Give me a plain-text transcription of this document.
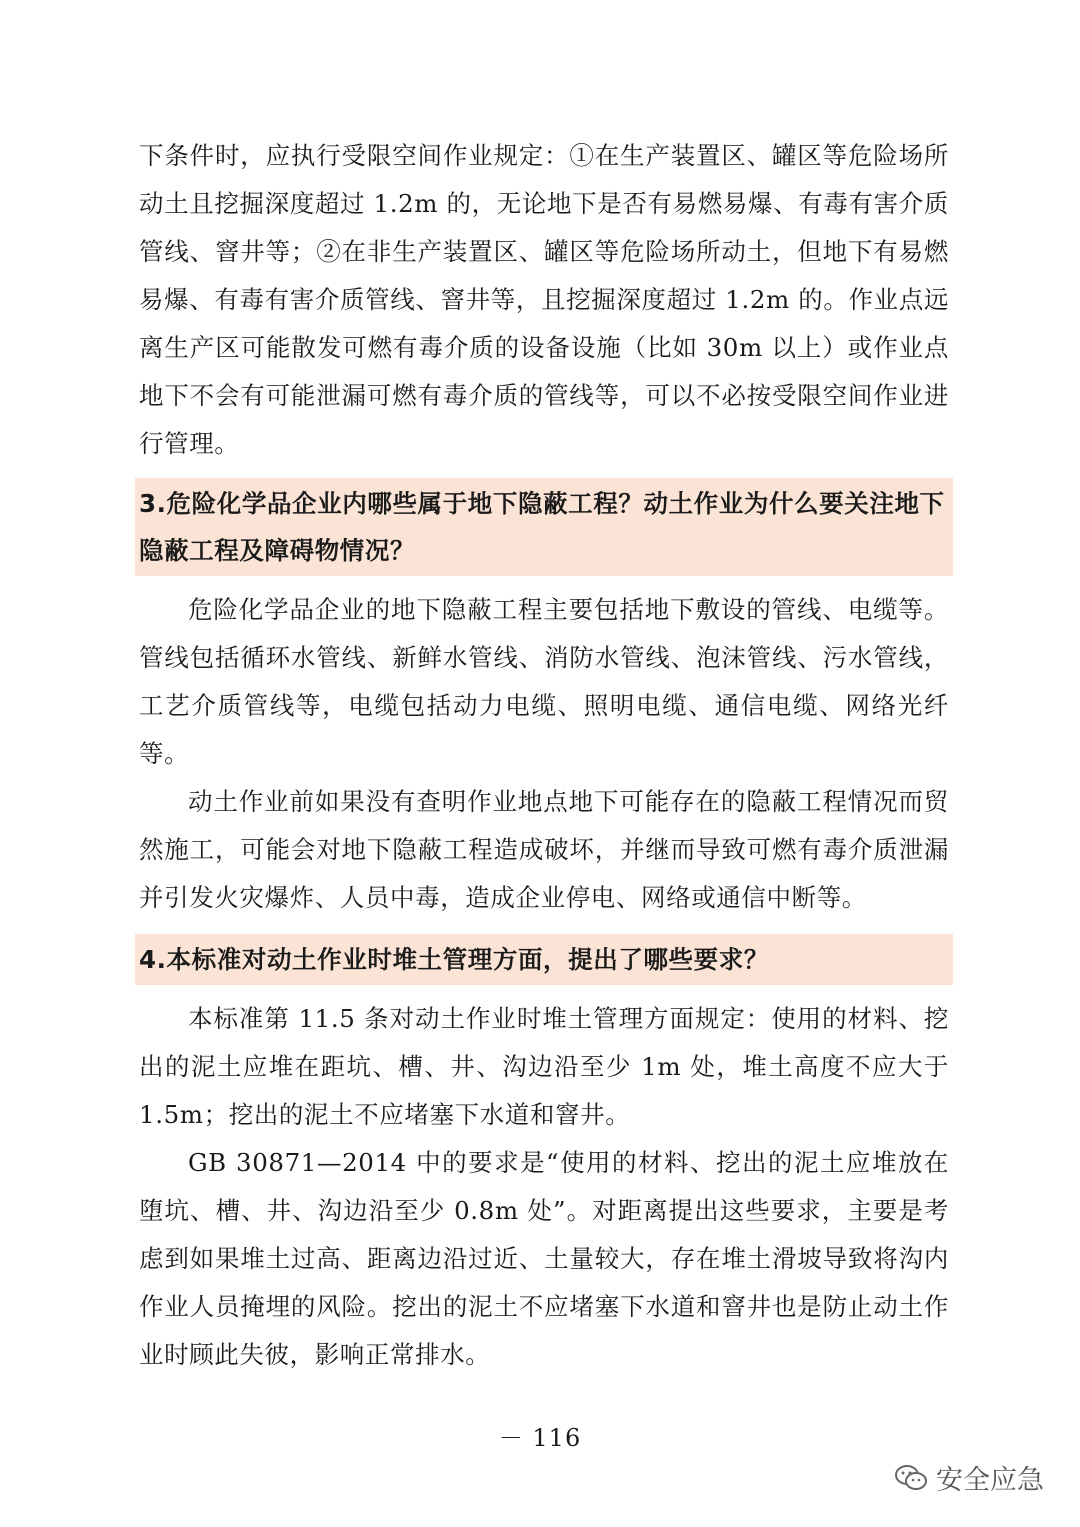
下条件时，应执行受限空间作业规定：①在生产装置区、罐区等危险场所动土且挖掘深度超过 1.2m 的，无论地下是否有易燃易爆、有毒有害介质管线、窨井等；②在非生产装置区、罐区等危险场所动土，但地下有易燃易爆、有毒有害介质管线、窨井等，且挖掘深度超过 1.2m 的。作业点远离生产区可能散发可燃有毒介质的设备设施（比如 30m 以上）或作业点地下不会有可能泄漏可燃有毒介质的管线等，可以不必按受限空间作业进行管理。

3.危险化学品企业内哪些属于地下隐蔽工程？动土作业为什么要关注地下隐蔽工程及障碍物情况？

危险化学品企业的地下隐蔽工程主要包括地下敷设的管线、电缆等。管线包括循环水管线、新鲜水管线、消防水管线、泡沫管线、污水管线，工艺介质管线等，电缆包括动力电缆、照明电缆、通信电缆、网络光纤等。

动土作业前如果没有查明作业地点地下可能存在的隐蔽工程情况而贸然施工，可能会对地下隐蔽工程造成破坏，并继而导致可燃有毒介质泄漏并引发火灾爆炸、人员中毒，造成企业停电、网络或通信中断等。

4.本标准对动土作业时堆土管理方面，提出了哪些要求？

本标准第 11.5 条对动土作业时堆土管理方面规定：使用的材料、挖出的泥土应堆在距坑、槽、井、沟边沿至少 1m 处，堆土高度不应大于 1.5m；挖出的泥土不应堵塞下水道和窨井。

GB 30871—2014 中的要求是“使用的材料、挖出的泥土应堆放在堕坑、槽、井、沟边沿至少 0.8m 处”。对距离提出这些要求，主要是考虑到如果堆土过高、距离边沿过近、土量较大，存在堆土滑坡导致将沟内作业人员掩埋的风险。挖出的泥土不应堵塞下水道和窨井也是防止动土作业时顾此失彼，影响正常排水。

－ 116
安全应急
